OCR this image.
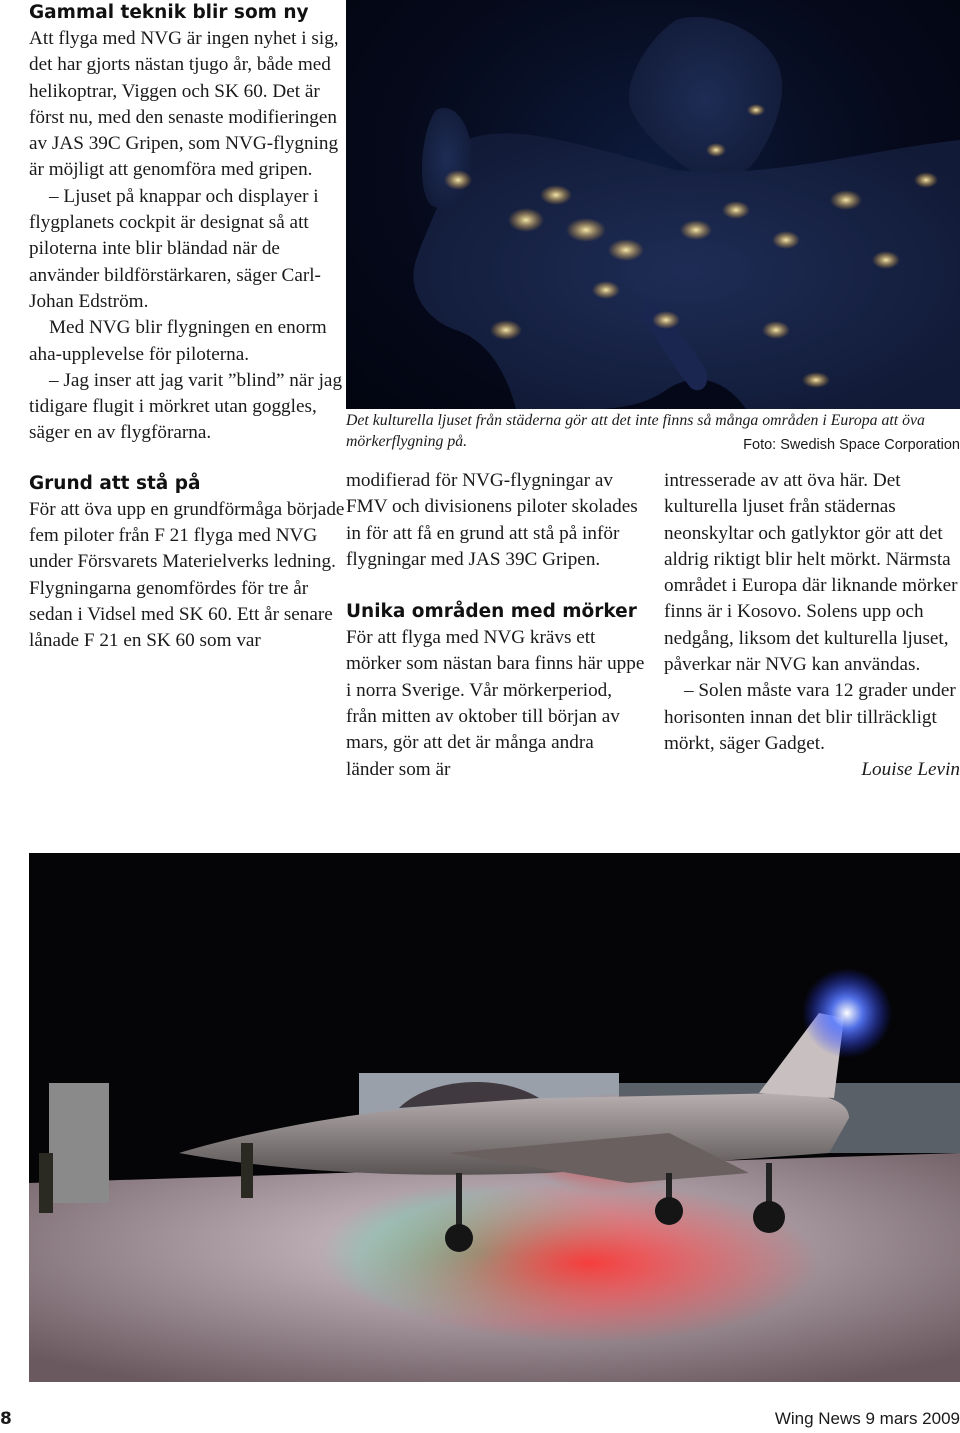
Gammal teknik blir som ny

Att flyga med NVG är ingen nyhet i sig, det har gjorts nästan tjugo år, både med helikoptrar, Viggen och SK 60. Det är först nu, med den senaste modifieringen av JAS 39C Gripen, som NVG-flygning är möjligt att genomföra med gripen.

– Ljuset på knappar och displayer i flygplanets cockpit är designat så att piloterna inte blir bländad när de använder bildförstärkaren, säger Carl-Johan Edström.

Med NVG blir flygningen en enorm aha-upplevelse för piloterna.

– Jag inser att jag varit ”blind” när jag tidigare flugit i mörkret utan goggles, säger en av flygförarna.

Grund att stå på

För att öva upp en grundförmåga började fem piloter från F 21 flyga med NVG under Försvarets Materielverks ledning. Flygningarna genomfördes för tre år sedan i Vidsel med SK 60. Ett år senare lånade F 21 en SK 60 som var

Det kulturella ljuset från städerna gör att det inte finns så många områden i Europa att öva mörkerflygning på.	Foto: Swedish Space Corporation

modifierad för NVG-flygningar av FMV och divisionens piloter skolades in för att få en grund att stå på inför flygningar med JAS 39C Gripen.

Unika områden med mörker

För att flyga med NVG krävs ett mörker som nästan bara finns här uppe i norra Sverige. Vår mörkerperiod, från mitten av oktober till början av mars, gör att det är många andra länder som är

intresserade av att öva här. Det kulturella ljuset från städernas neonskyltar och gatlyktor gör att det aldrig riktigt blir helt mörkt. Närmsta området i Europa där liknande mörker finns är i Kosovo. Solens upp och nedgång, liksom det kulturella ljuset, påverkar när NVG kan användas.

– Solen måste vara 12 grader under horisonten innan det blir tillräckligt mörkt, säger Gadget.

Louise Levin

8	Wing News 9 mars 2009
